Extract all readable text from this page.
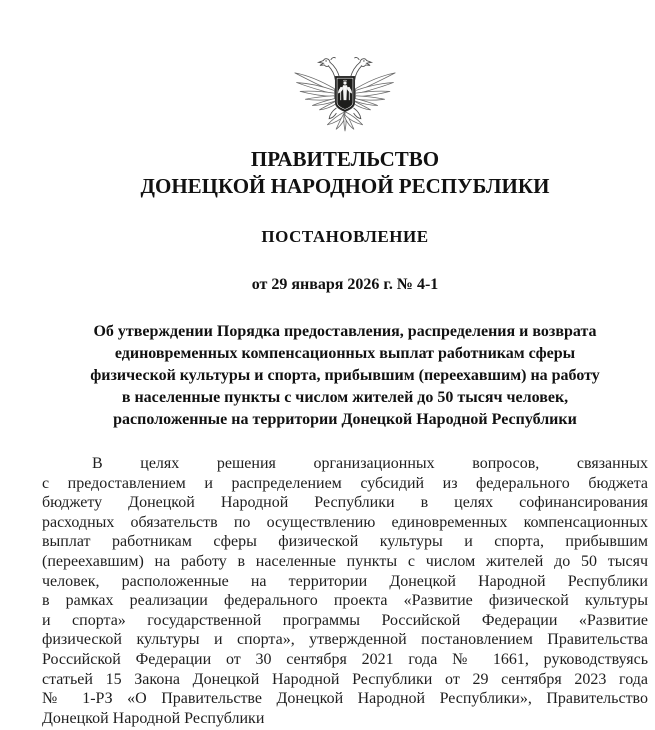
ПРАВИТЕЛЬСТВО
ДОНЕЦКОЙ НАРОДНОЙ РЕСПУБЛИКИ
ПОСТАНОВЛЕНИЕ
от 29 января 2026 г. № 4-1
Об утверждении Порядка предоставления, распределения и возврата
единовременных компенсационных выплат работникам сферы
физической культуры и спорта, прибывшим (переехавшим) на работу
в населенные пункты с числом жителей до 50 тысяч человек,
расположенные на территории Донецкой Народной Республики
В целях решения организационных вопросов, связанных
с предоставлением и распределением субсидий из федерального бюджета
бюджету Донецкой Народной Республики в целях софинансирования
расходных обязательств по осуществлению единовременных компенсационных
выплат работникам сферы физической культуры и спорта, прибывшим
(переехавшим) на работу в населенные пункты с числом жителей до 50 тысяч
человек, расположенные на территории Донецкой Народной Республики
в рамках реализации федерального проекта «Развитие физической культуры
и спорта» государственной программы Российской Федерации «Развитие
физической культуры и спорта», утвержденной постановлением Правительства
Российской Федерации от 30 сентября 2021 года № 1661, руководствуясь
статьей 15 Закона Донецкой Народной Республики от 29 сентября 2023 года
№ 1-РЗ «О Правительстве Донецкой Народной Республики», Правительство
Донецкой Народной Республики
